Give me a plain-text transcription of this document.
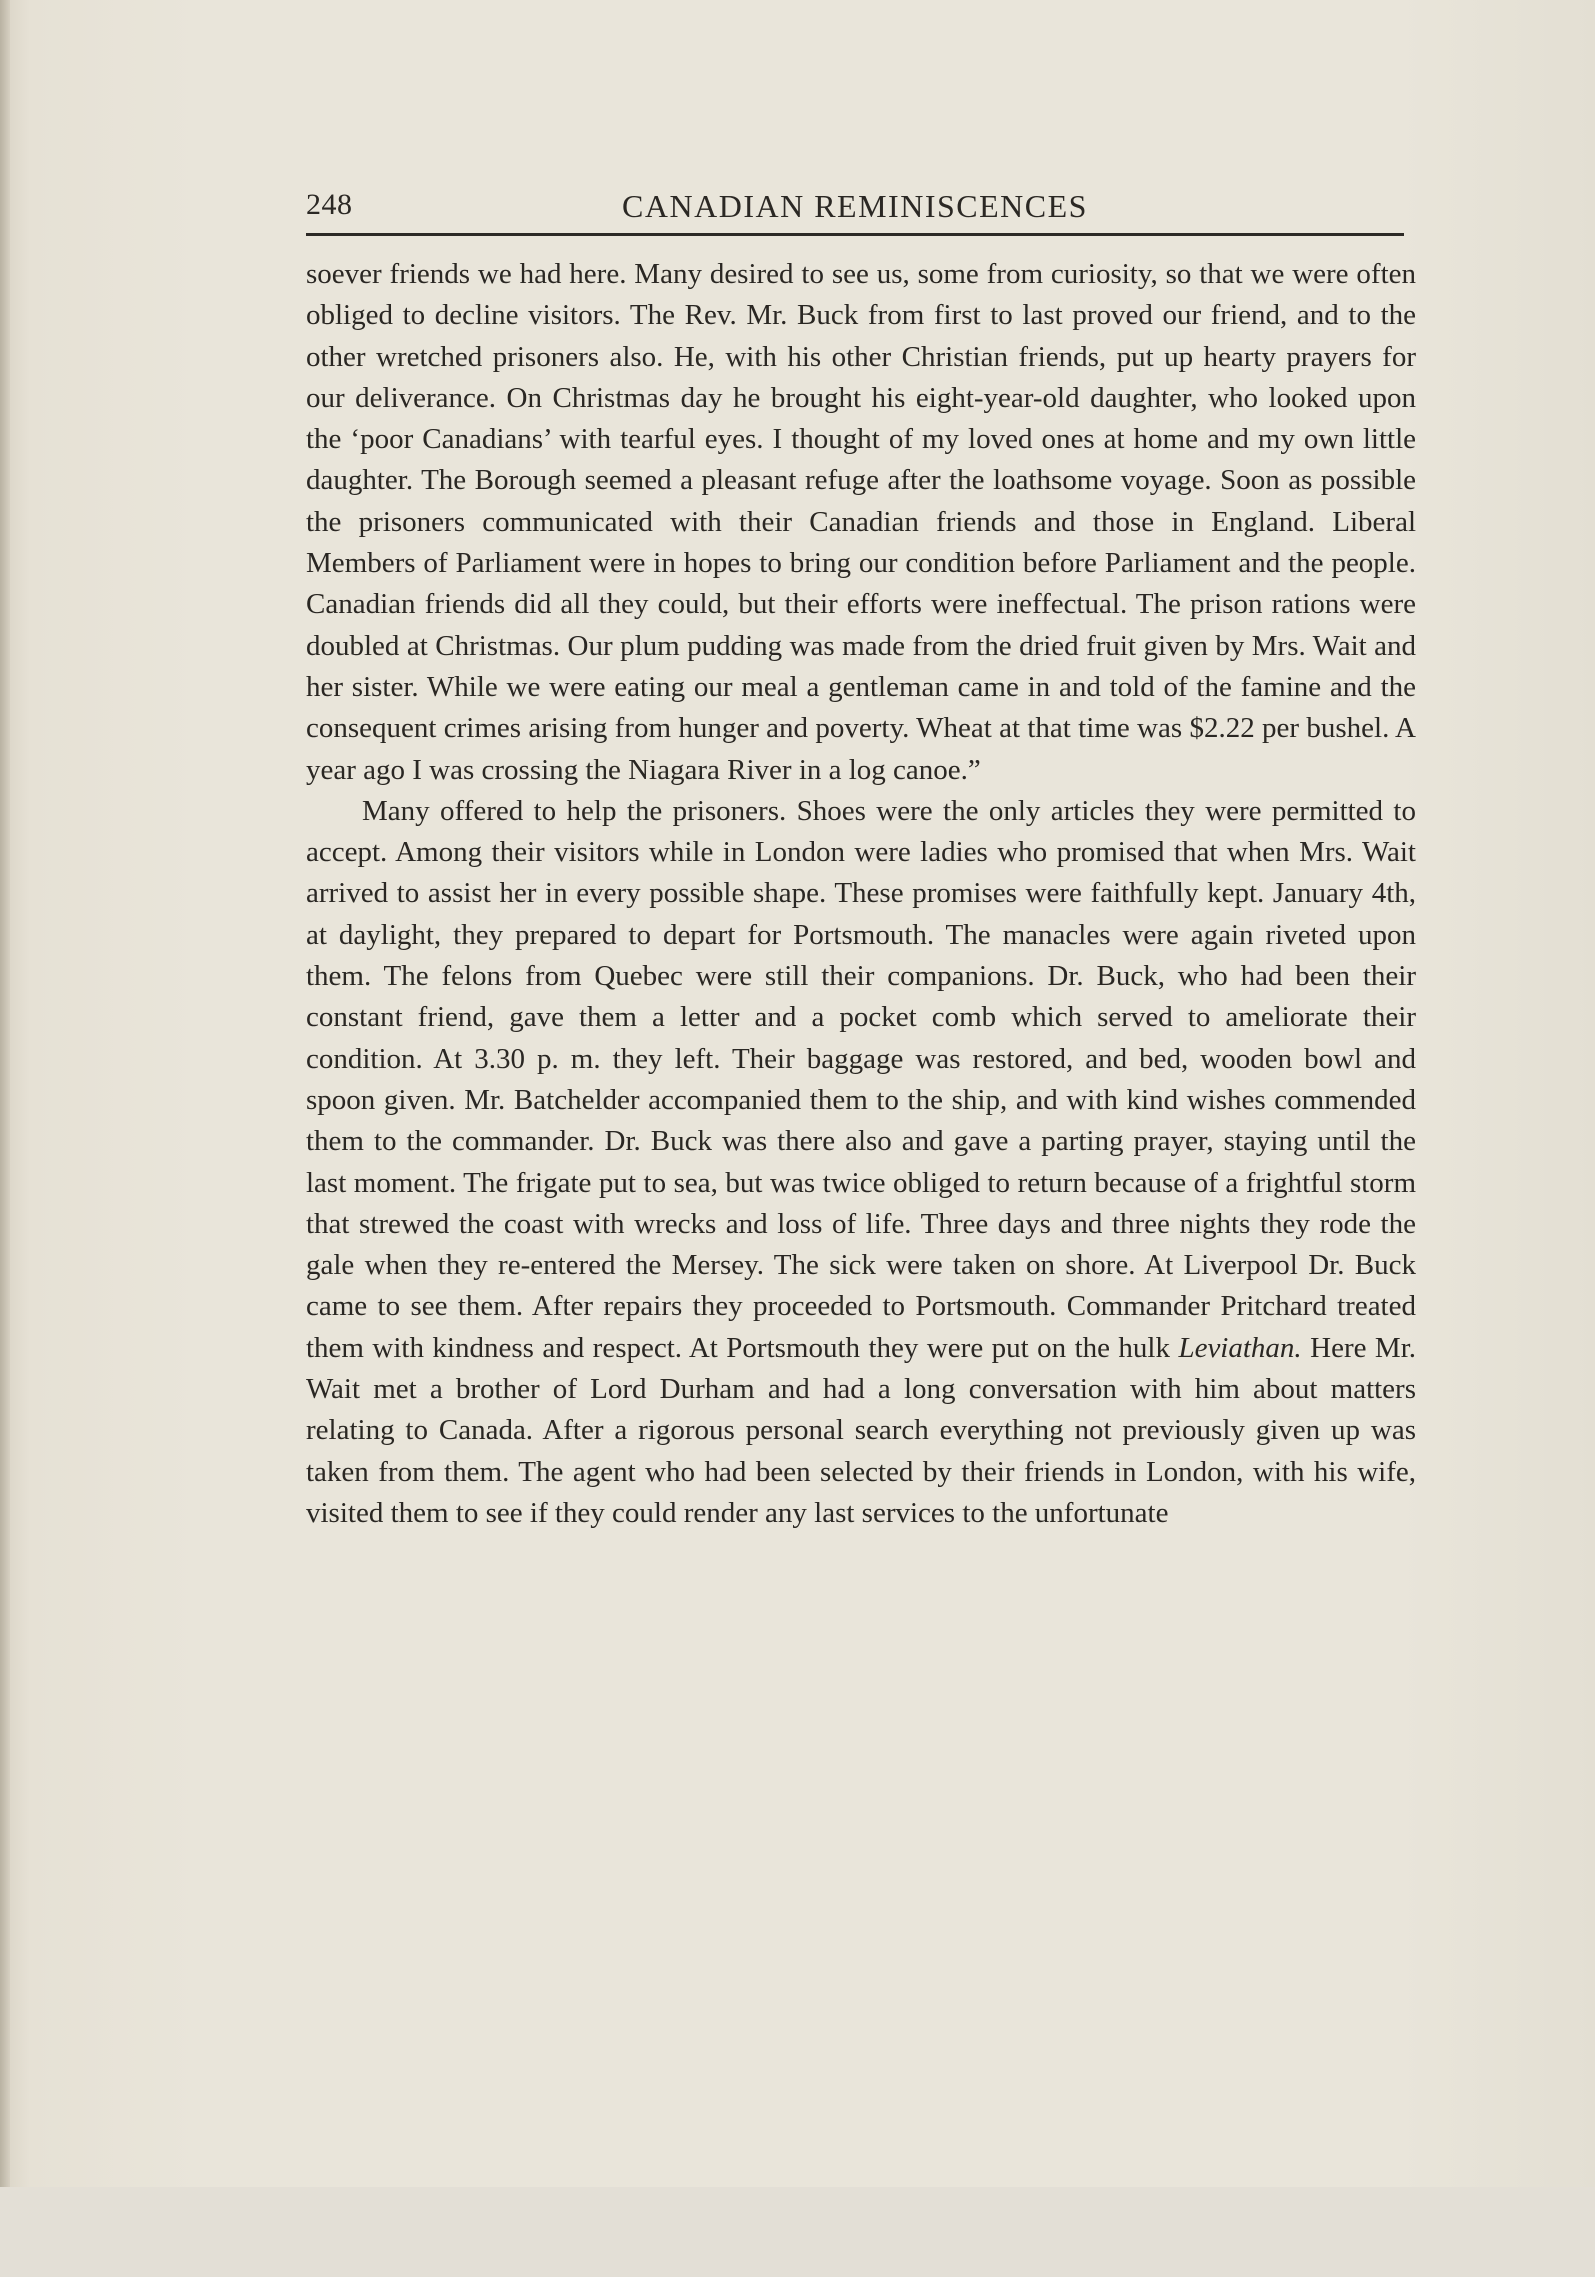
248	CANADIAN REMINISCENCES

soever friends we had here. Many desired to see us, some from curiosity, so that we were often obliged to decline visitors. The Rev. Mr. Buck from first to last proved our friend, and to the other wretched prisoners also. He, with his other Christian friends, put up hearty prayers for our deliverance. On Christmas day he brought his eight-year-old daughter, who looked upon the ‘poor Canadians’ with tearful eyes. I thought of my loved ones at home and my own little daughter. The Borough seemed a pleasant refuge after the loathsome voyage. Soon as possible the prisoners communicated with their Canadian friends and those in England. Liberal Members of Parliament were in hopes to bring our condition before Parliament and the people. Canadian friends did all they could, but their efforts were ineffectual. The prison rations were doubled at Christmas. Our plum pudding was made from the dried fruit given by Mrs. Wait and her sister. While we were eating our meal a gentleman came in and told of the famine and the consequent crimes arising from hunger and poverty. Wheat at that time was $2.22 per bushel. A year ago I was crossing the Niagara River in a log canoe.”

Many offered to help the prisoners. Shoes were the only articles they were permitted to accept. Among their visitors while in London were ladies who promised that when Mrs. Wait arrived to assist her in every possible shape. These promises were faithfully kept. January 4th, at daylight, they prepared to depart for Portsmouth. The manacles were again riveted upon them. The felons from Quebec were still their companions. Dr. Buck, who had been their constant friend, gave them a letter and a pocket comb which served to ameliorate their condition. At 3.30 p. m. they left. Their baggage was restored, and bed, wooden bowl and spoon given. Mr. Batchelder accompanied them to the ship, and with kind wishes commended them to the commander. Dr. Buck was there also and gave a parting prayer, staying until the last moment. The frigate put to sea, but was twice obliged to return because of a frightful storm that strewed the coast with wrecks and loss of life. Three days and three nights they rode the gale when they re-entered the Mersey. The sick were taken on shore. At Liverpool Dr. Buck came to see them. After repairs they proceeded to Portsmouth. Commander Pritchard treated them with kindness and respect. At Portsmouth they were put on the hulk Leviathan. Here Mr. Wait met a brother of Lord Durham and had a long conversation with him about matters relating to Canada. After a rigorous personal search everything not previously given up was taken from them. The agent who had been selected by their friends in London, with his wife, visited them to see if they could render any last services to the unfortunate
